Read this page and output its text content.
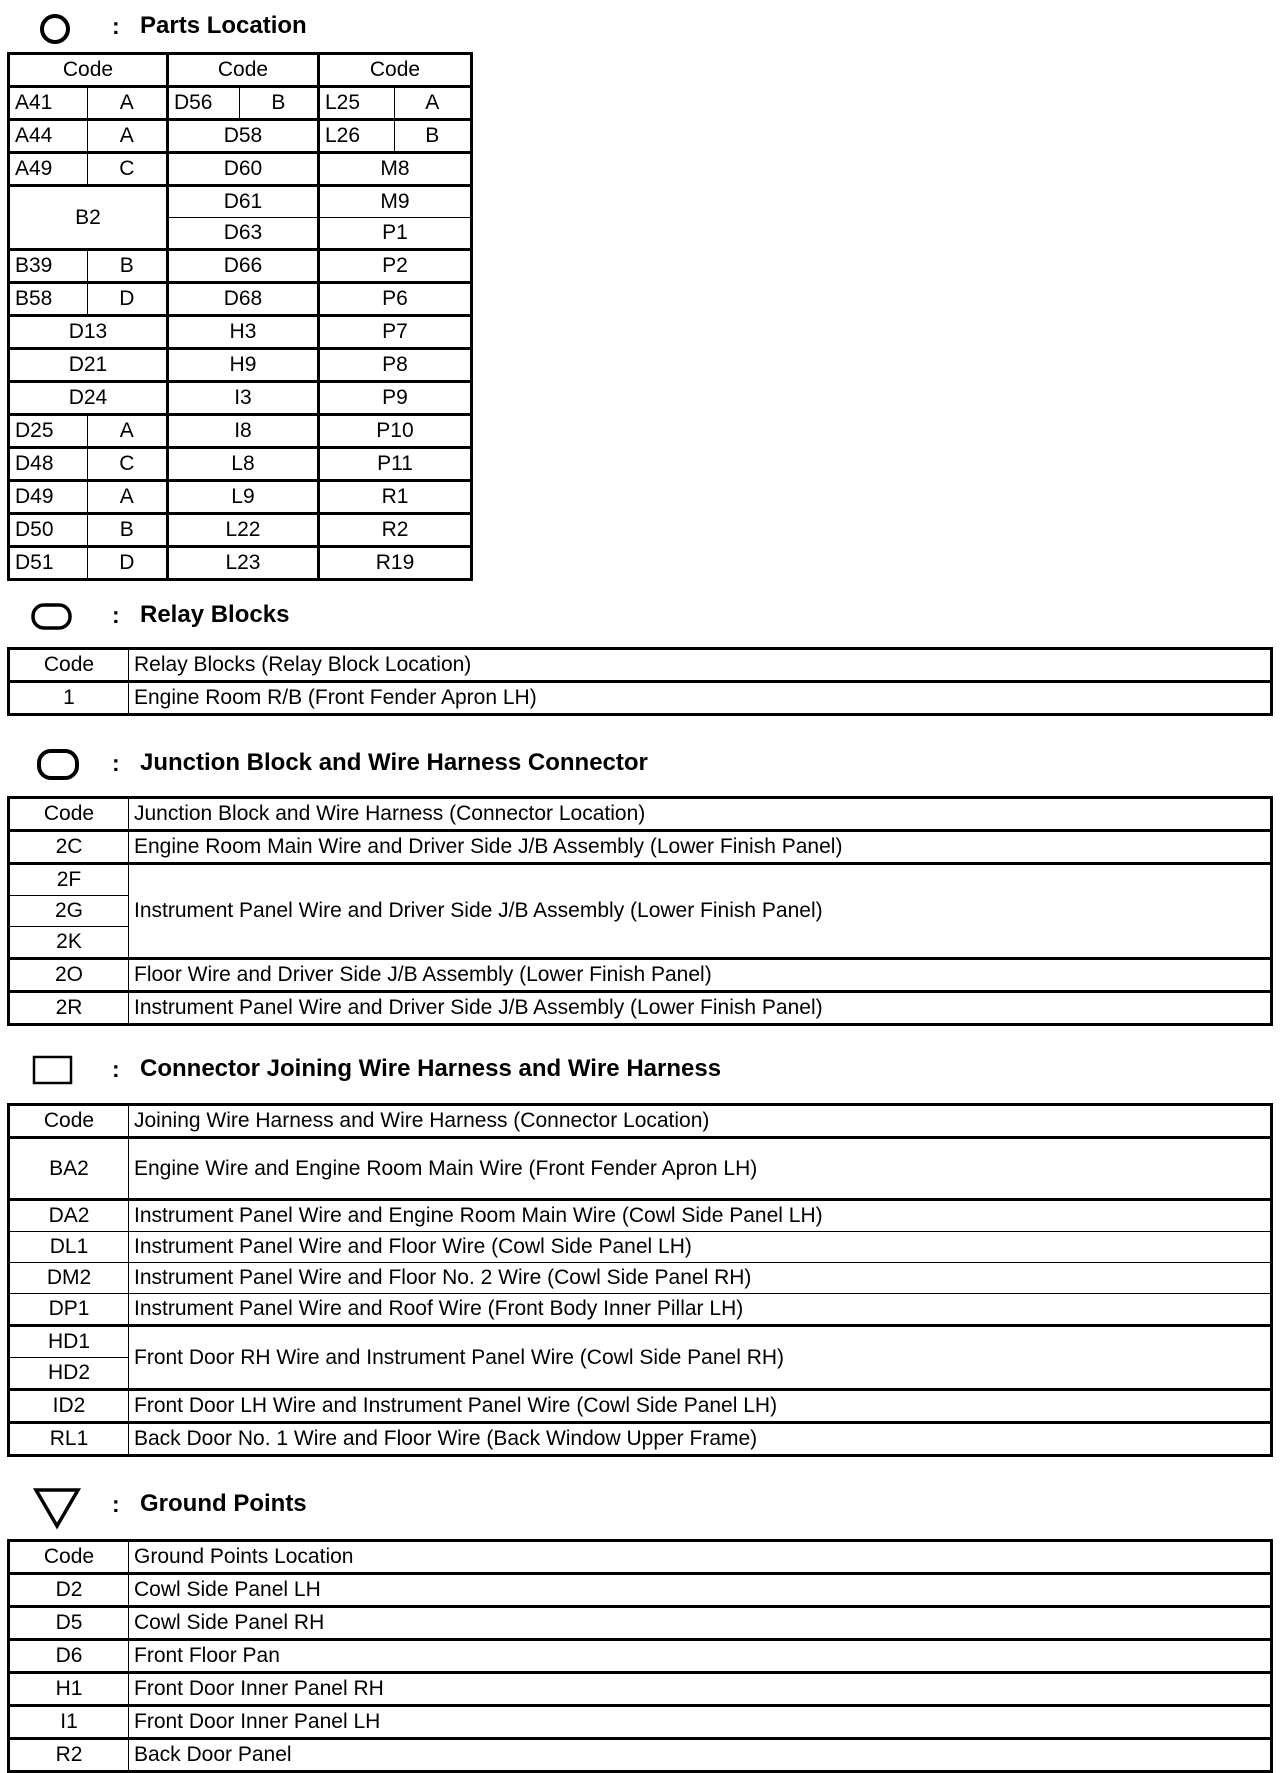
: Parts Location
Code		Code		Code	
A41	A	D56	B	L25	A
A44	A	D58		L26	B
A49	C	D60		M8	
B2		D61		M9	
		D63		P1	
B39	B	D66		P2	
B58	D	D68		P6	
D13		H3		P7	
D21		H9		P8	
D24		I3		P9	
D25	A	I8		P10	
D48	C	L8		P11	
D49	A	L9		R1	
D50	B	L22		R2	
D51	D	L23		R19	
: Relay Blocks
Code	Relay Blocks (Relay Block Location)
1	Engine Room R/B (Front Fender Apron LH)
: Junction Block and Wire Harness Connector
Code	Junction Block and Wire Harness (Connector Location)
2C	Engine Room Main Wire and Driver Side J/B Assembly (Lower Finish Panel)
2F	Instrument Panel Wire and Driver Side J/B Assembly (Lower Finish Panel)
2G	
2K	
2O	Floor Wire and Driver Side J/B Assembly (Lower Finish Panel)
2R	Instrument Panel Wire and Driver Side J/B Assembly (Lower Finish Panel)
: Connector Joining Wire Harness and Wire Harness
Code	Joining Wire Harness and Wire Harness (Connector Location)
BA2	Engine Wire and Engine Room Main Wire (Front Fender Apron LH)
DA2	Instrument Panel Wire and Engine Room Main Wire (Cowl Side Panel LH)
DL1	Instrument Panel Wire and Floor Wire (Cowl Side Panel LH)
DM2	Instrument Panel Wire and Floor No. 2 Wire (Cowl Side Panel RH)
DP1	Instrument Panel Wire and Roof Wire (Front Body Inner Pillar LH)
HD1	Front Door RH Wire and Instrument Panel Wire (Cowl Side Panel RH)
HD2	
ID2	Front Door LH Wire and Instrument Panel Wire (Cowl Side Panel LH)
RL1	Back Door No. 1 Wire and Floor Wire (Back Window Upper Frame)
: Ground Points
Code	Ground Points Location
D2	Cowl Side Panel LH
D5	Cowl Side Panel RH
D6	Front Floor Pan
H1	Front Door Inner Panel RH
I1	Front Door Inner Panel LH
R2	Back Door Panel
